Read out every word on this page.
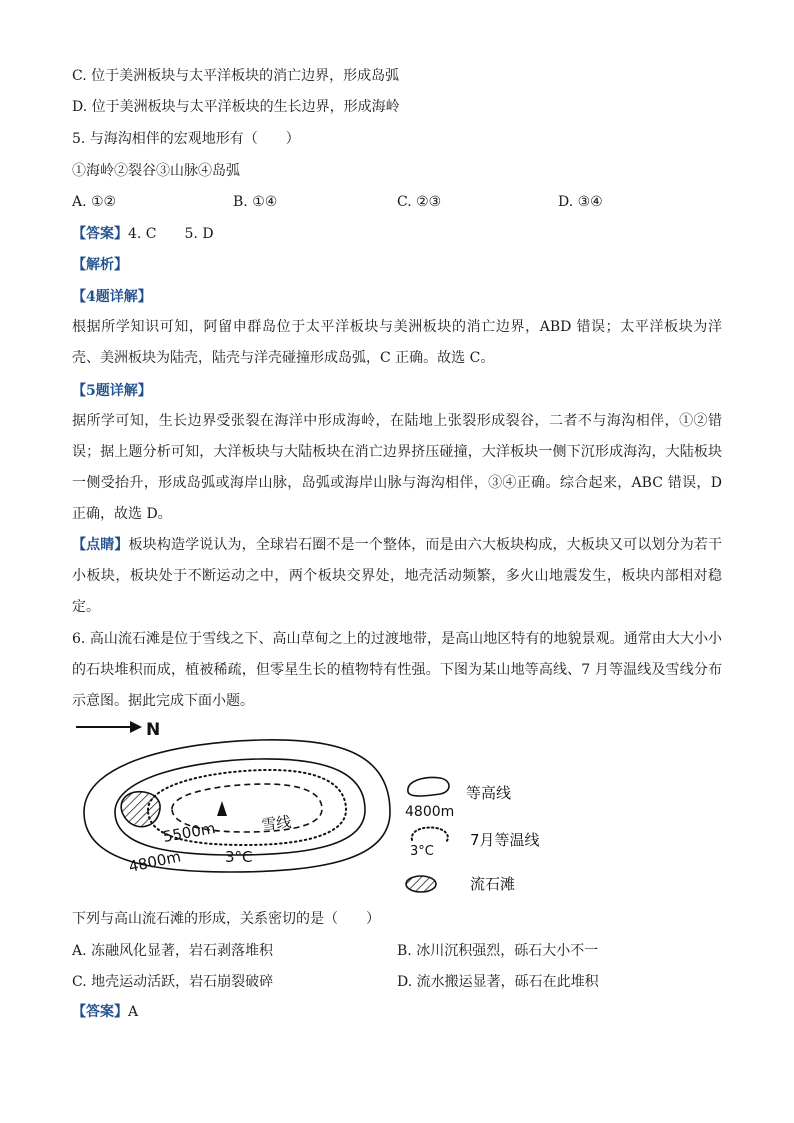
C. 位于美洲板块与太平洋板块的消亡边界，形成岛弧
D. 位于美洲板块与太平洋板块的生长边界，形成海岭
5. 与海沟相伴的宏观地形有（　　）
①海岭②裂谷③山脉④岛弧
A. ①②	B. ①④	C. ②③	D. ③④
【答案】4. C　　5. D
【解析】
【4题详解】
根据所学知识可知，阿留申群岛位于太平洋板块与美洲板块的消亡边界，ABD 错误；太平洋板块为洋壳、美洲板块为陆壳，陆壳与洋壳碰撞形成岛弧，C 正确。故选 C。
【5题详解】
据所学可知，生长边界受张裂在海洋中形成海岭，在陆地上张裂形成裂谷，二者不与海沟相伴，①②错误；据上题分析可知，大洋板块与大陆板块在消亡边界挤压碰撞，大洋板块一侧下沉形成海沟，大陆板块一侧受抬升，形成岛弧或海岸山脉，岛弧或海岸山脉与海沟相伴，③④正确。综合起来，ABC 错误，D 正确，故选 D。
【点睛】板块构造学说认为，全球岩石圈不是一个整体，而是由六大板块构成，大板块又可以划分为若干小板块，板块处于不断运动之中，两个板块交界处，地壳活动频繁，多火山地震发生，板块内部相对稳定。
6. 高山流石滩是位于雪线之下、高山草甸之上的过渡地带，是高山地区特有的地貌景观。通常由大大小小的石块堆积而成，植被稀疏，但零星生长的植物特有性强。下图为某山地等高线、7 月等温线及雪线分布示意图。据此完成下面小题。
N
雪线
5500m
4800m	3°C
4800m
等高线
3°C
7月等温线
流石滩
下列与高山流石滩的形成，关系密切的是（　　）
A. 冻融风化显著，岩石剥落堆积	B. 冰川沉积强烈，砾石大小不一
C. 地壳运动活跃，岩石崩裂破碎	D. 流水搬运显著，砾石在此堆积
【答案】A
